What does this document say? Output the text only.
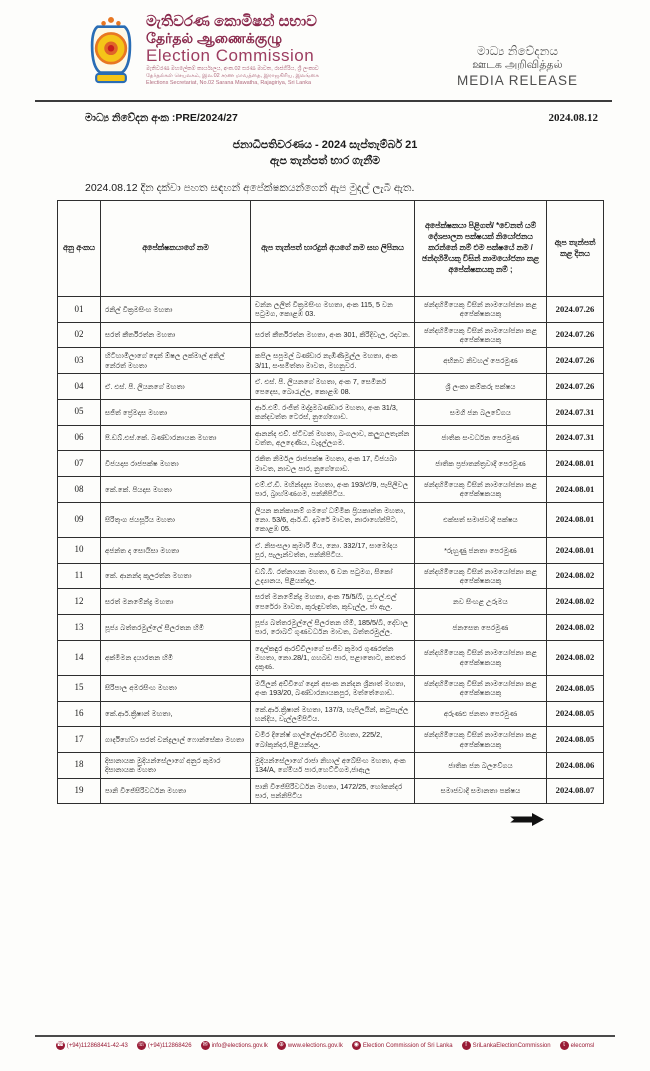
මැතිවරණ කොමිෂන් සභාව
தேர்தல் ஆணைக்குழு
Election Commission
මැතිවරණ මහලේකම් කාර්යාලය, අංක.02 සරණ මාවත, රාජගිරිය, ශ්‍රී ලංකාව
தேர்தல்கள் செயலகம், இல.02 சரண மாவத்தை, இராஜகிரிய, இலங்கை
Elections Secretariat, No.02 Sarana Mawatha, Rajagiriya, Sri Lanka
මාධ්‍ය නිවේදනය
ஊடக அறிவித்தல்
MEDIA RELEASE
මාධ්‍ය නිවේදන අංක :PRE/2024/27	2024.08.12
ජනාධිපතිවරණය - 2024 සැප්තැම්බර් 21
ඇප තැන්පත් භාර ගැනීම
2024.08.12 දින දක්වා පහත සඳහන් අපේක්ෂකයන්ගෙන් ඇප මුදල් ලැබී ඇත.
අනු අංකය	අපේක්ෂකයාගේ නම	ඇප තැන්පත් භාරදුන් අයගේ නම සහ ලිපිනය	අපේක්ෂකයා පිළිගත්/ *වෙනත් යම් දේශපාලන පක්ෂයක් නියෝජනය කරන්නේ නම් එම පක්ෂයේ නම / ඡන්දහිමියකු විසින් නාමයෝජනා කළ අපේක්ෂකයකු නම් ;	ඇප තැන්පත් කළ දිනය
01	රනිල් වික්‍රමසිංහ මහතා	චන්න ලලිත් වික්‍රමසිංහ මහතා, අංක 115, 5 වන පටුමග, කොළඹ 03.	ඡන්දහිමියෙකු විසින් නාමයෝජනා කළ අපේක්ෂකයකු	2024.07.26
02	සරත් කීර්තිරත්න මහතා	සරත් කීර්තිරත්න මහතා, අංක 301, කිරිදිවැල, රදාවන.	ඡන්දහිමියෙකු විසින් නාමයෝජනා කළ අපේක්ෂකයකු	2024.07.26
03	හිටිහාමිලාගේ දොන් ඕෂල ලක්මාල් අනිල් නේරත් මහතා	කපිල සපුමල් බණ්ඩාර නැඹිණිමුල්ල මහතා, අංක 3/11, සංඝමිත්තා මාවත, මහනුවර.	අභිනව නිවහල් පෙරමුණ	2024.07.26
04	ඒ. එස්. පී. ලියනගේ මහතා	ඒ. එස්. පී. ලියනගේ මහතා, අංක 7, සෙමිනර් පෙදෙස, බොරැල්ල, කොළඹ 08.	ශ්‍රී ලංකා කම්කරු පක්ෂය	2024.07.26
05	සජිත් ප්‍රේමදාස මහතා	ආර්.එම්. රංජිත් මද්දුමබණ්ඩාර මහතා, අංක 31/3, කන්දවත්ත ටෙරස්, නුගේගොඩ.	සමගි ජන බලවේගය	2024.07.31
06	පී.ඩබ්.එස්.කේ. බණ්ඩාරනායක මහතා	ආනන්ද එච්. ස්ටීවන් මහතා, බංගලාව, කලුගලතැන්න වත්ත, අලදෙණිය, වැදැල්ලගම.	ජාතික සංවර්ධන පෙරමුණ	2024.07.31
07	විජයදාස රාජපක්ෂ මහතා	රකිත නිර්මල රාජපක්ෂ මහතා, අංක 17, විජයබා මාවත, නාවල පාර, නුගේගොඩ.	ජාතික ප්‍රජාතන්ත්‍රවාදී පෙරමුණ	2024.08.01
08	කේ.කේ. පියදාස මහතා	එම්.ඒ.ඩී. මහින්දදාස මහතා, අංක 193/ඒ/9, පැපිලිවල පාර, බ්‍රාහ්මණගම, පන්නිපිටිය.	ඡන්දහිමියෙකු විසින් නාමයෝජනා කළ අපේක්ෂකයකු	2024.08.01
09	සිරිතුංග ජයසූරිය මහතා	ලියන කන්කානම් ගමගේ ධම්මික ප්‍රියකාන්ත මහතා, නො. 53/6, ආර්.ඩී. දාබරේ මාවත, නාරාහේන්පිට, කොළඹ 05.	එක්සත් සමාජවාදී පක්ෂය	2024.08.01
10	අජන්ත ද සොයිසා මහතා	ඒ. නිසංසලා කුමාරි මිය, නො. 332/17, සාමෝදය පුර, පැලැන්වත්ත, පන්නිපිටිය.	*රුහුණු ජනතා පෙරමුණ	2024.08.01
11	කේ. ආනන්ද කුලරත්න මහතා	ඩබ්.බී. රත්නායක මහතා, 6 වන පටුමග, සිකෝ උද්‍යානය, පිළියන්දල.	ඡන්දහිමියෙකු විසින් නාමයෝජනා කළ අපේක්ෂකයකු	2024.08.02
12	සරත් මනමේන්ද්‍ර මහතා	සරත් මනමේන්ද්‍ර මහතා, අංක 75/5/බී, යු.එල්.එල් පෙරේරා මාවත, කුරුඳුවත්ත, කුඩැල්ල, ජා ඇල.	නව සිංහළ උරුමය	2024.08.02
13	පූජ්‍ය බත්තරමුල්ලේ සීලරතන හිමි	පූජ්‍ය බත්තරමුල්ලේ සීලරතන හිමි, 185/5/බී, දේවාල පාර, රොබට් ගුණවර්ධන මාවත, බත්තරමුල්ල.	ජනසෙත පෙරමුණ	2024.08.02
14	අක්මීමන දයාරතන හිමි	දෙල්කඳුර ආරච්චිලාගේ සංජීව කුමාර ගුණරත්න මහතා, නො.28/1, ගහබඩ පාර, පළාතොට, කළුතර දකුණ.	ඡන්දහිමියෙකු විසින් නාමයෝජනා කළ අපේක්ෂකයකු	2024.08.02
15	සිරිපාල අමරසිංහ මහතා	මයිලන් අච්චිගේ දොන් අසංක නන්දන ශ්‍රීනාත් මහතා, අංක 193/20, බණ්ඩාරනායකපුර, මත්තේගොඩ.	ඡන්දහිමියෙකු විසින් නාමයෝජනා කළ අපේක්ෂකයකු	2024.08.05
16	කේ.ආර්.ක්‍රිෂාන් මහතා,	කේ.ආර්.ක්‍රිෂාන් මහතා, 137/3, හැපිලයින්, කටුපැල්ල හන්දිය, වැල්ලම්පිටිය.	අරුණළු ජනතා පෙරමුණ	2024.08.05
17	ගාර්දිහේවා සරත් චන්ද්‍රලාල් ෆොන්සේකා මහතා	චමිර දිනේෂ් ගාල්ලේආරච්චි මහතා, 225/2, බෝකුන්දර,පිළියන්දල.	ඡන්දහිමියෙකු විසින් නාමයෝජනා කළ අපේක්ෂකයකු	2024.08.05
18	දිසානායක මුදියන්සේලාගේ අනුර කුමාර දිසානායක මහතා	මුදියන්සේලාගේ රාජා නිහාල් අබේසිංහ මහතා, අංක 134/A, ගේමියර් පාර,හෙට්ටිගම,ජාඇල	ජාතික ජන බලවේගය	2024.08.06
19	පානි විජේසිරිවර්ධන මහතා	පානි විජේසිරිවර්ධන මහතා, 1472/25, හෝකන්දර පාර, පන්නිපිටිය	සමාජවාදී සමානතා පක්ෂය	2024.08.07
☎ (+94)112868441-42-43 ☏ (+94)112868426	✉ info@elections.gov.lk	⊕ www.elections.gov.lk	◉ Election Commission of Sri Lanka	f SriLankaElectionCommission	t elecomsl
